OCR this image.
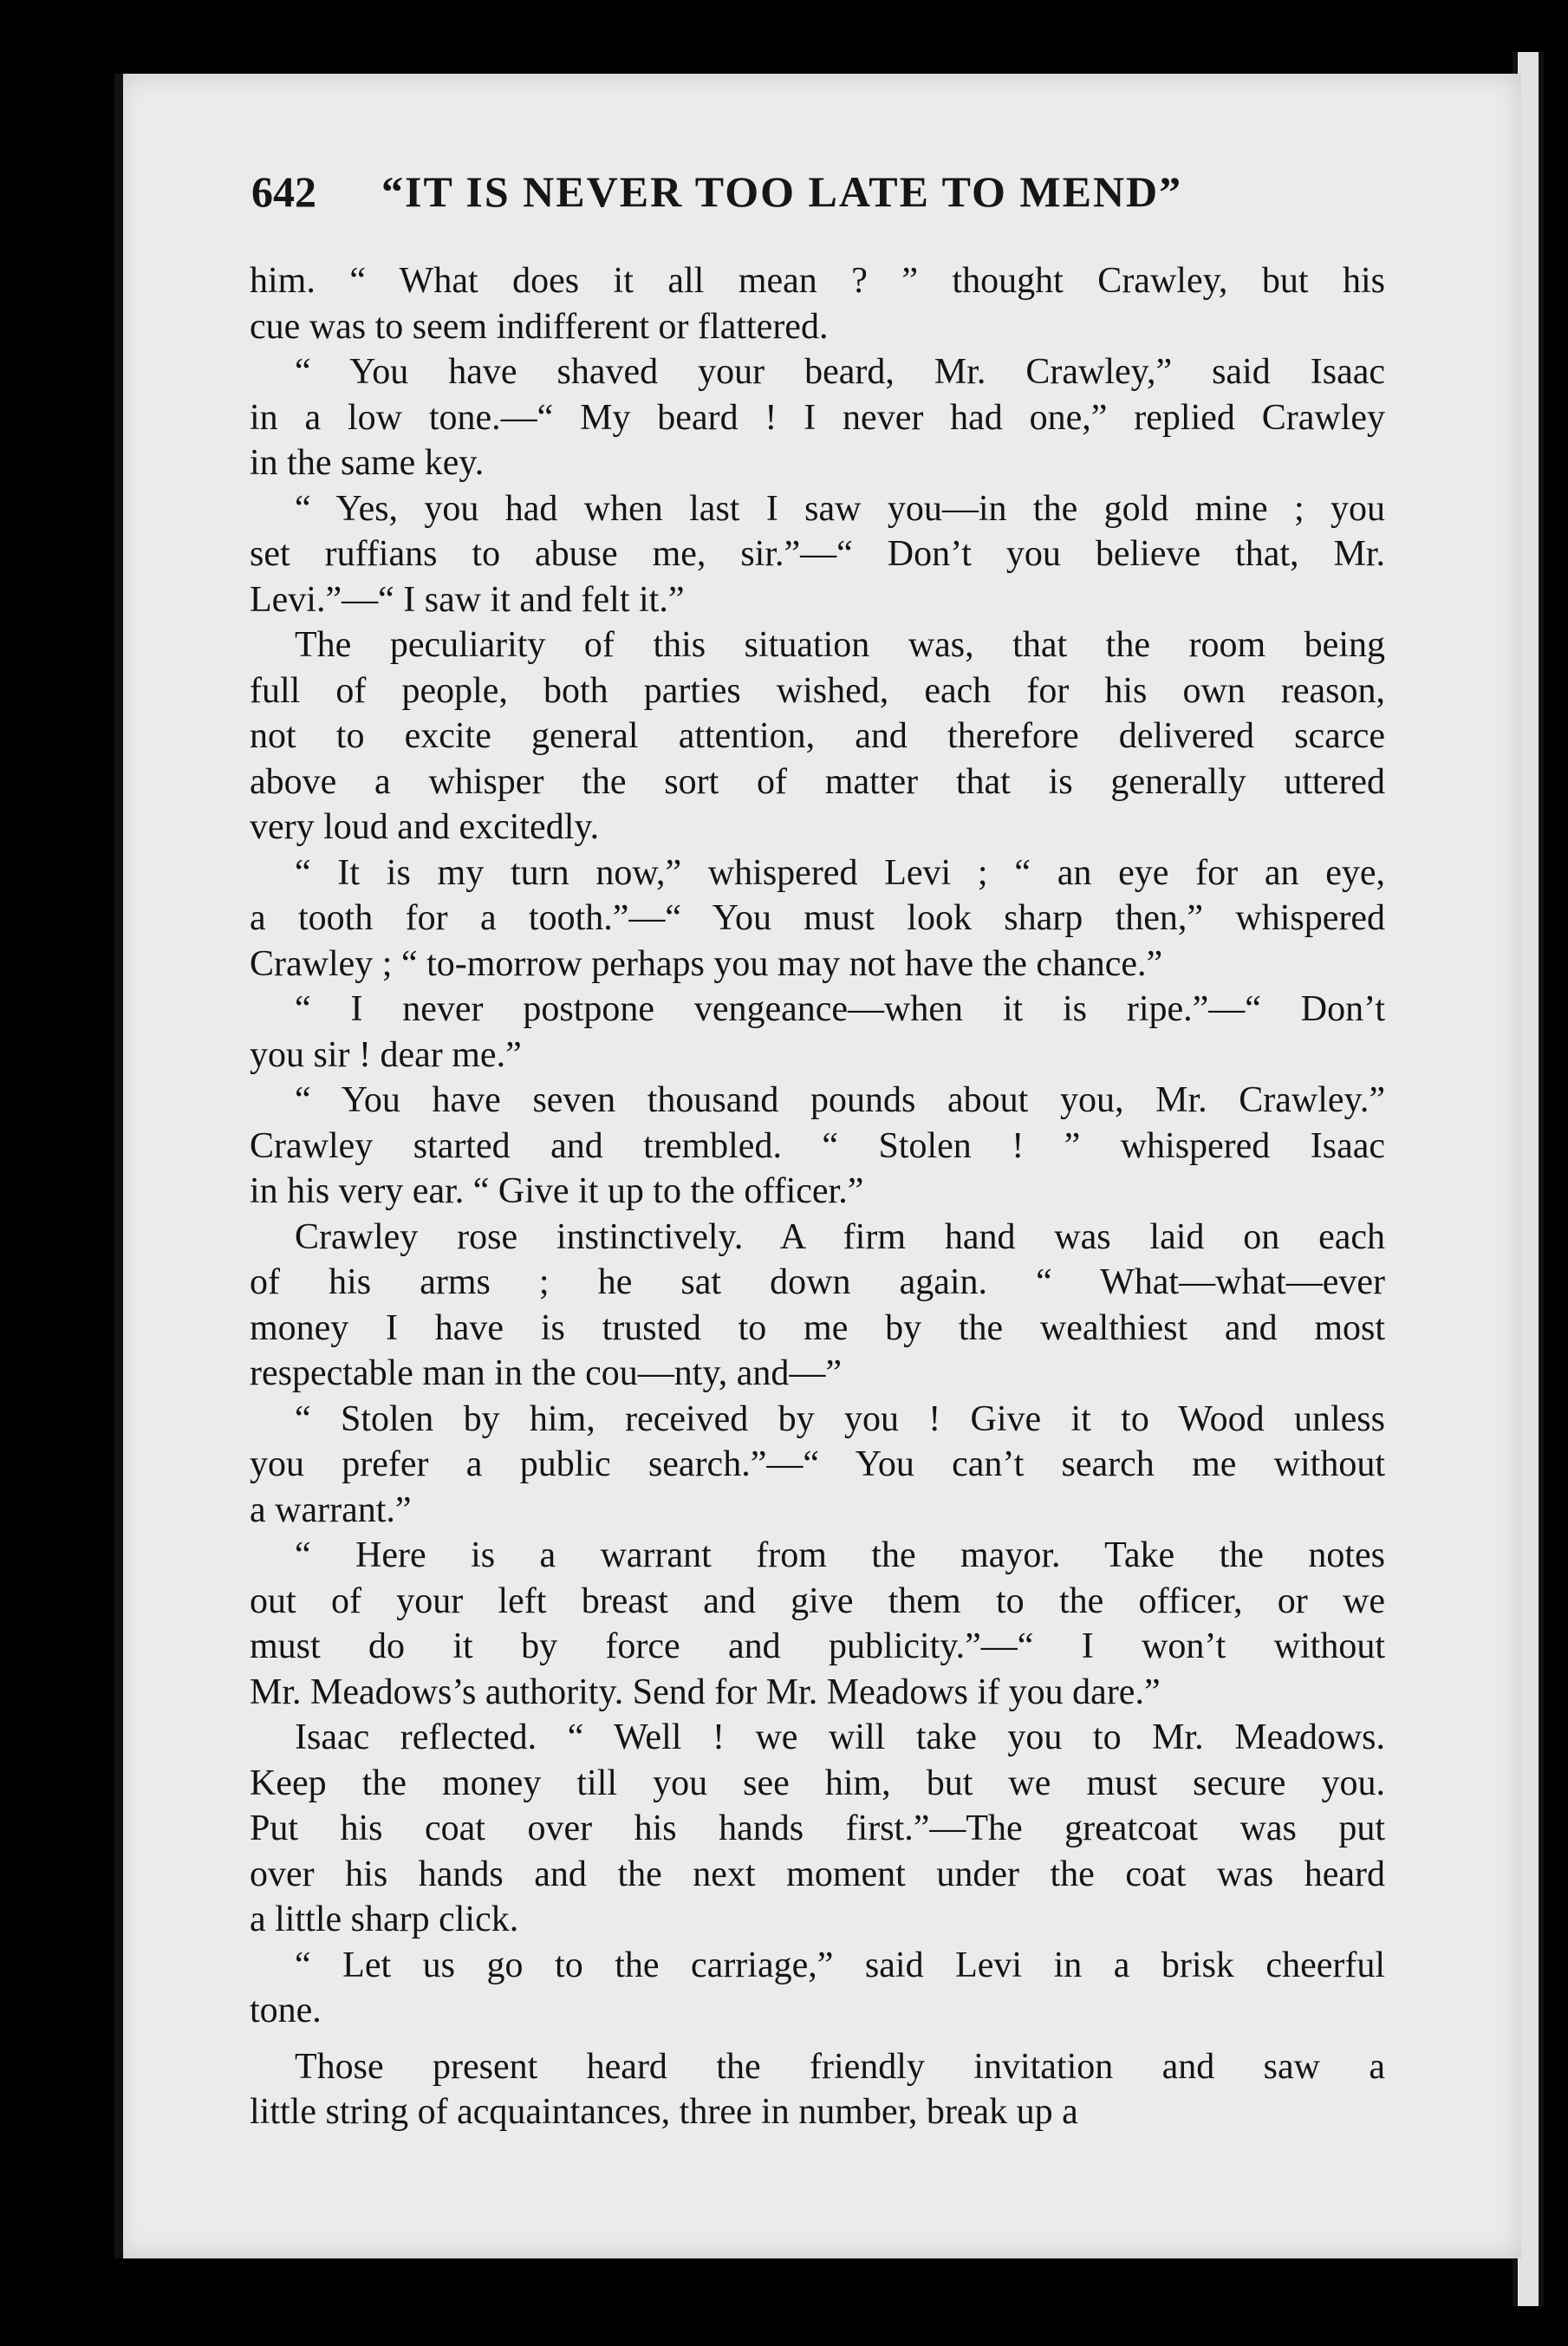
642 “IT IS NEVER TOO LATE TO MEND”

him. “ What does it all mean ? ” thought Crawley, but his
cue was to seem indifferent or flattered.

“ You have shaved your beard, Mr. Crawley,” said Isaac
in a low tone.—“ My beard ! I never had one,” replied Crawley
in the same key.

“ Yes, you had when last I saw you—in the gold mine ; you
set ruffians to abuse me, sir.”—“ Don’t you believe that, Mr.
Levi.”—“ I saw it and felt it.”

The peculiarity of this situation was, that the room being
full of people, both parties wished, each for his own reason,
not to excite general attention, and therefore delivered scarce
above a whisper the sort of matter that is generally uttered
very loud and excitedly.

“ It is my turn now,” whispered Levi ; “ an eye for an eye,
a tooth for a tooth.”—“ You must look sharp then,” whispered
Crawley ; “ to-morrow perhaps you may not have the chance.”

“ I never postpone vengeance—when it is ripe.”—“ Don’t
you sir ! dear me.”

“ You have seven thousand pounds about you, Mr. Crawley.”
Crawley started and trembled. “ Stolen ! ” whispered Isaac
in his very ear. “ Give it up to the officer.”

Crawley rose instinctively. A firm hand was laid on each
of his arms ; he sat down again. “ What—what—ever
money I have is trusted to me by the wealthiest and most
respectable man in the cou—nty, and—”

“ Stolen by him, received by you ! Give it to Wood unless
you prefer a public search.”—“ You can’t search me without
a warrant.”

“ Here is a warrant from the mayor. Take the notes
out of your left breast and give them to the officer, or we
must do it by force and publicity.”—“ I won’t without
Mr. Meadows’s authority. Send for Mr. Meadows if you dare.”

Isaac reflected. “ Well ! we will take you to Mr. Meadows.
Keep the money till you see him, but we must secure you.
Put his coat over his hands first.”—The greatcoat was put
over his hands and the next moment under the coat was heard
a little sharp click.

“ Let us go to the carriage,” said Levi in a brisk cheerful
tone.

Those present heard the friendly invitation and saw a
little string of acquaintances, three in number, break up a
